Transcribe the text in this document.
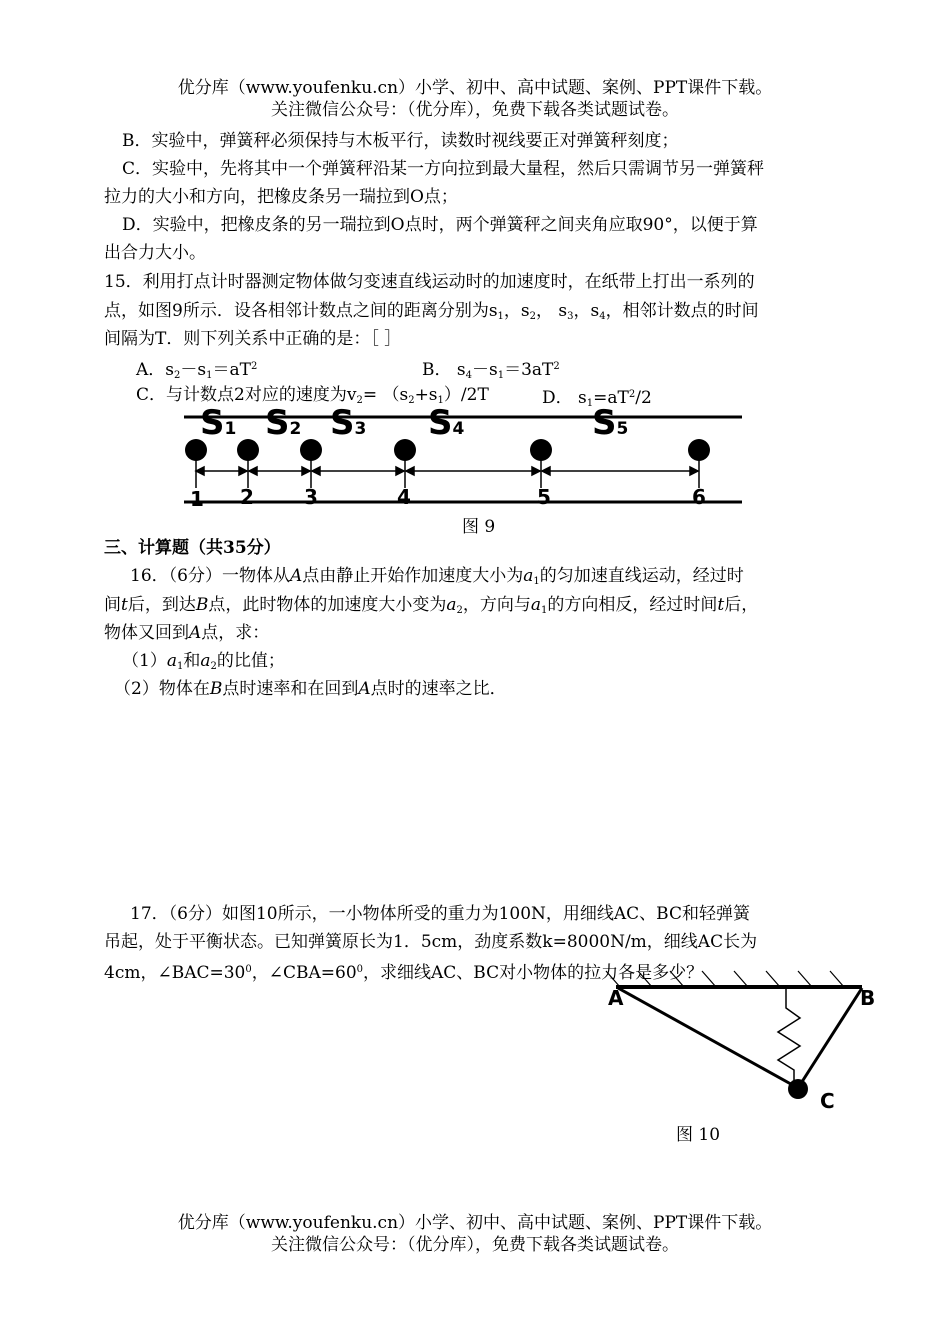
优分库（www.youfenku.cn）小学、初中、高中试题、案例、PPT课件下载。
关注微信公众号：（优分库），免费下载各类试题试卷。
B．实验中，弹簧秤必须保持与木板平行，读数时视线要正对弹簧秤刻度；
C．实验中，先将其中一个弹簧秤沿某一方向拉到最大量程，然后只需调节另一弹簧秤
拉力的大小和方向，把橡皮条另一瑞拉到O点；
D．实验中，把橡皮条的另一瑞拉到O点时，两个弹簧秤之间夹角应取90°，以便于算
出合力大小。
15．利用打点计时器测定物体做匀变速直线运动时的加速度时，在纸带上打出一系列的
点，如图9所示．设各相邻计数点之间的距离分别为$s_1$，$s_2$， $s_3$，$s_4$，相邻计数点的时间
间隔为T．则下列关系中正确的是：［ ］
A．$s_2-s_1=aT^2$	B． $s_4-s_1=3aT^2$
C．与计数点2对应的速度为$v_2= (s_2+s_1)/2T$	D． $s_1=aT^2/2$
S1 S2 S3 S4	S5
1 2	3	4	5	6
图 9
三、计算题（共35分）
16．（6分）一物体从A点由静止开始作加速度大小为$a_1$的匀加速直线运动，经过时
间t后，到达B点，此时物体的加速度大小变为$a_2$，方向与$a_1$的方向相反，经过时间t后，
物体又回到A点，求：
$(1)a_1$和$a_2$的比值；
（2）物体在B点时速率和在回到A点时的速率之比．
17．（6分）如图10所示，一小物体所受的重力为100N，用细线AC、BC和轻弹簧
吊起，处于平衡状态。已知弹簧原长为1．5cm，劲度系数k=8000N/m，细线AC长为
4cm，$\angle BAC=30^0$，$\angle CBA=60^0$，求细线AC、BC对小物体的拉力各是多少？
A	B
C
图 10
优分库（www.youfenku.cn）小学、初中、高中试题、案例、PPT课件下载。
关注微信公众号：（优分库），免费下载各类试题试卷。
